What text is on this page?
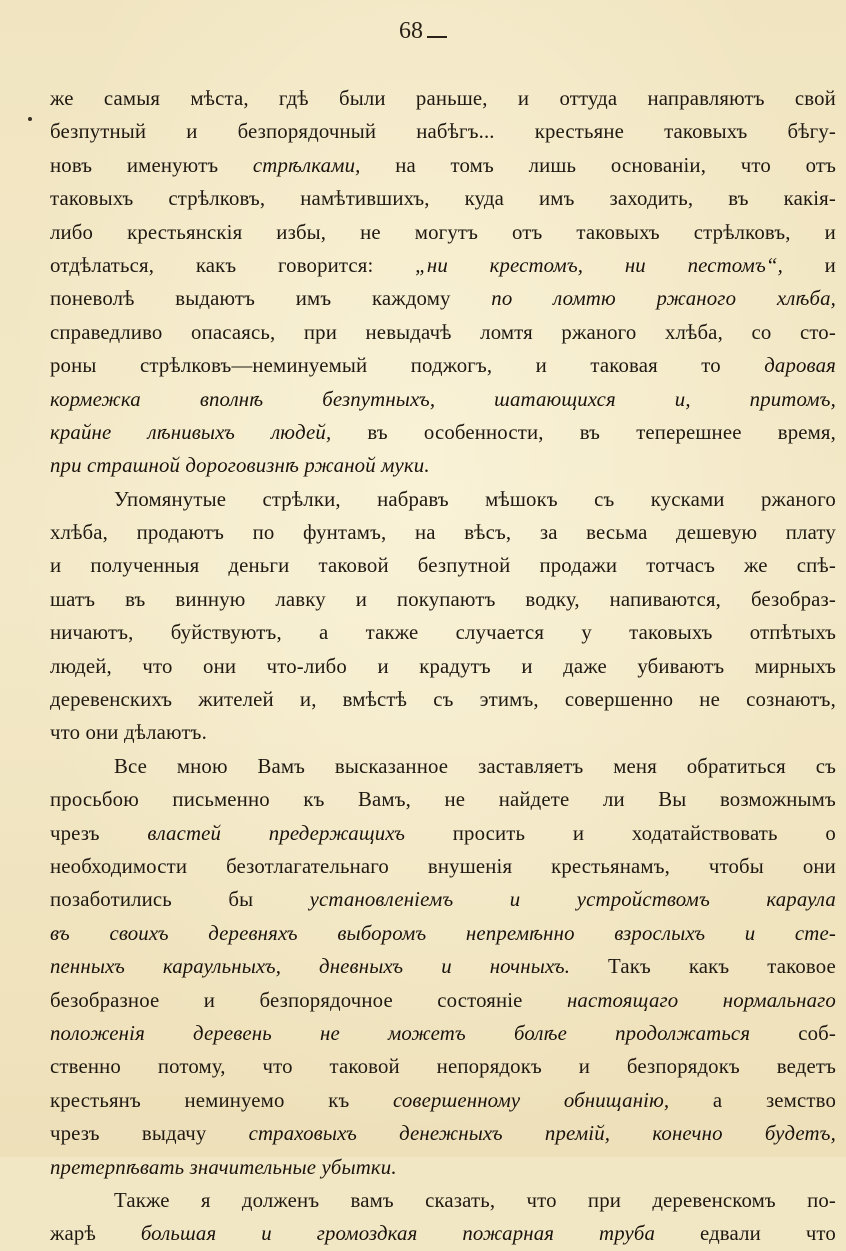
68
же самыя мѣста, гдѣ были раньше, и оттуда направляютъ свой
безпутный и безпорядочный набѣгъ... крестьяне таковыхъ бѣгу-
новъ именуютъ стрѣлками, на томъ лишь основаніи, что отъ
таковыхъ стрѣлковъ, намѣтившихъ, куда имъ заходить, въ какія-
либо крестьянскія избы, не могутъ отъ таковыхъ стрѣлковъ, и
отдѣлаться, какъ говорится: „ни крестомъ, ни пестомъ“, и
поневолѣ выдаютъ имъ каждому по ломтю ржаного хлѣба,
справедливо опасаясь, при невыдачѣ ломтя ржаного хлѣба, со сто-
роны стрѣлковъ—неминуемый поджогъ, и таковая то даровая
кормежка	вполнѣ	безпутныхъ,	шатающихся	и,	притомъ,
крайне лѣнивыхъ людей, въ особенности, въ теперешнее время,
при страшной дороговизнѣ ржаной муки.
Упомянутые стрѣлки, набравъ мѣшокъ съ кусками ржаного
хлѣба, продаютъ по фунтамъ, на вѣсъ, за весьма дешевую плату
и полученныя деньги таковой безпутной продажи тотчасъ же спѣ-
шатъ въ винную лавку и покупаютъ водку, напиваются, безобраз-
ничаютъ, буйствуютъ, а также случается у таковыхъ отпѣтыхъ
людей, что они что-либо и крадутъ и даже убиваютъ мирныхъ
деревенскихъ жителей и, вмѣстѣ съ этимъ, совершенно не сознаютъ,
что они дѣлаютъ.
Все мною Вамъ высказанное заставляетъ меня обратиться съ
просьбою письменно къ Вамъ, не найдете ли Вы возможнымъ
чрезъ властей предержащихъ просить и ходатайствовать о
необходимости безотлагательнаго внушенія крестьянамъ, чтобы они
позаботились	бы	установленіемъ	и	устройствомъ	караула
въ своихъ деревняхъ выборомъ непремѣнно взрослыхъ и сте-
пенныхъ караульныхъ, дневныхъ и ночныхъ. Такъ какъ таковое
безобразное и безпорядочное состояніе настоящаго нормальнаго
положенія деревень не можетъ болѣе продолжаться соб-
ственно потому, что таковой непорядокъ и безпорядокъ ведетъ
крестьянъ неминуемо къ совершенному обнищанію, а земство
чрезъ выдачу страховыхъ денежныхъ премій, конечно будетъ,
претерпѣвать значительные убытки.
Также я долженъ вамъ сказать, что при деревенскомъ по-
жарѣ большая и громоздкая пожарная труба едвали что
